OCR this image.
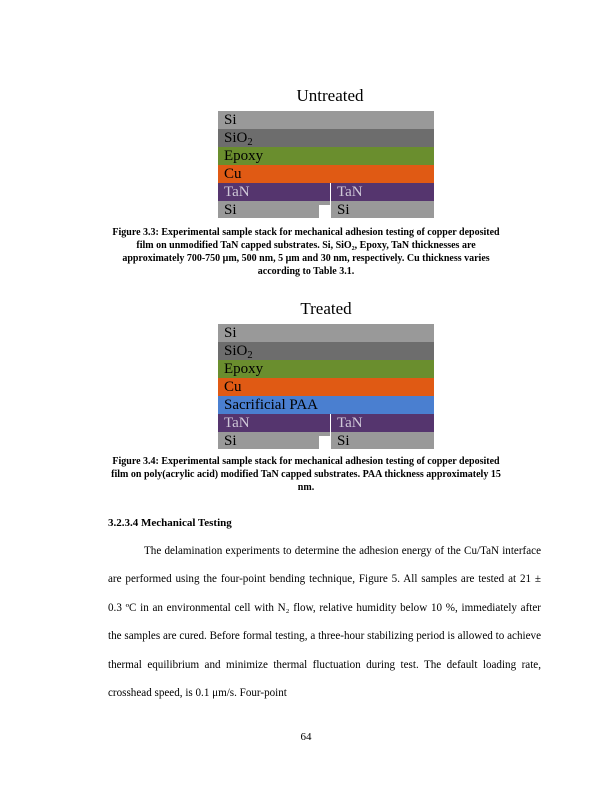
Untreated
Si
SiO$_2$
Epoxy
Cu
TaN	TaN
Si	Si
Figure 3.3: Experimental sample stack for mechanical adhesion testing of copper deposited film on unmodified TaN capped substrates. Si, SiO₂, Epoxy, TaN thicknesses are approximately 700-750 μm, 500 nm, 5 μm and 30 nm, respectively. Cu thickness varies according to Table 3.1.
Treated
Si
SiO$_2$
Epoxy
Cu
Sacrificial PAA
TaN	TaN
Si	Si
Figure 3.4: Experimental sample stack for mechanical adhesion testing of copper deposited film on poly(acrylic acid) modified TaN capped substrates. PAA thickness approximately 15 nm.
3.2.3.4 Mechanical Testing
The delamination experiments to determine the adhesion energy of the Cu/TaN interface are performed using the four-point bending technique, Figure 5. All samples are tested at 21 ± 0.3 ºC in an environmental cell with N₂ flow, relative humidity below 10 %, immediately after the samples are cured. Before formal testing, a three-hour stabilizing period is allowed to achieve thermal equilibrium and minimize thermal fluctuation during test. The default loading rate, crosshead speed, is 0.1 μm/s. Four-point
64
